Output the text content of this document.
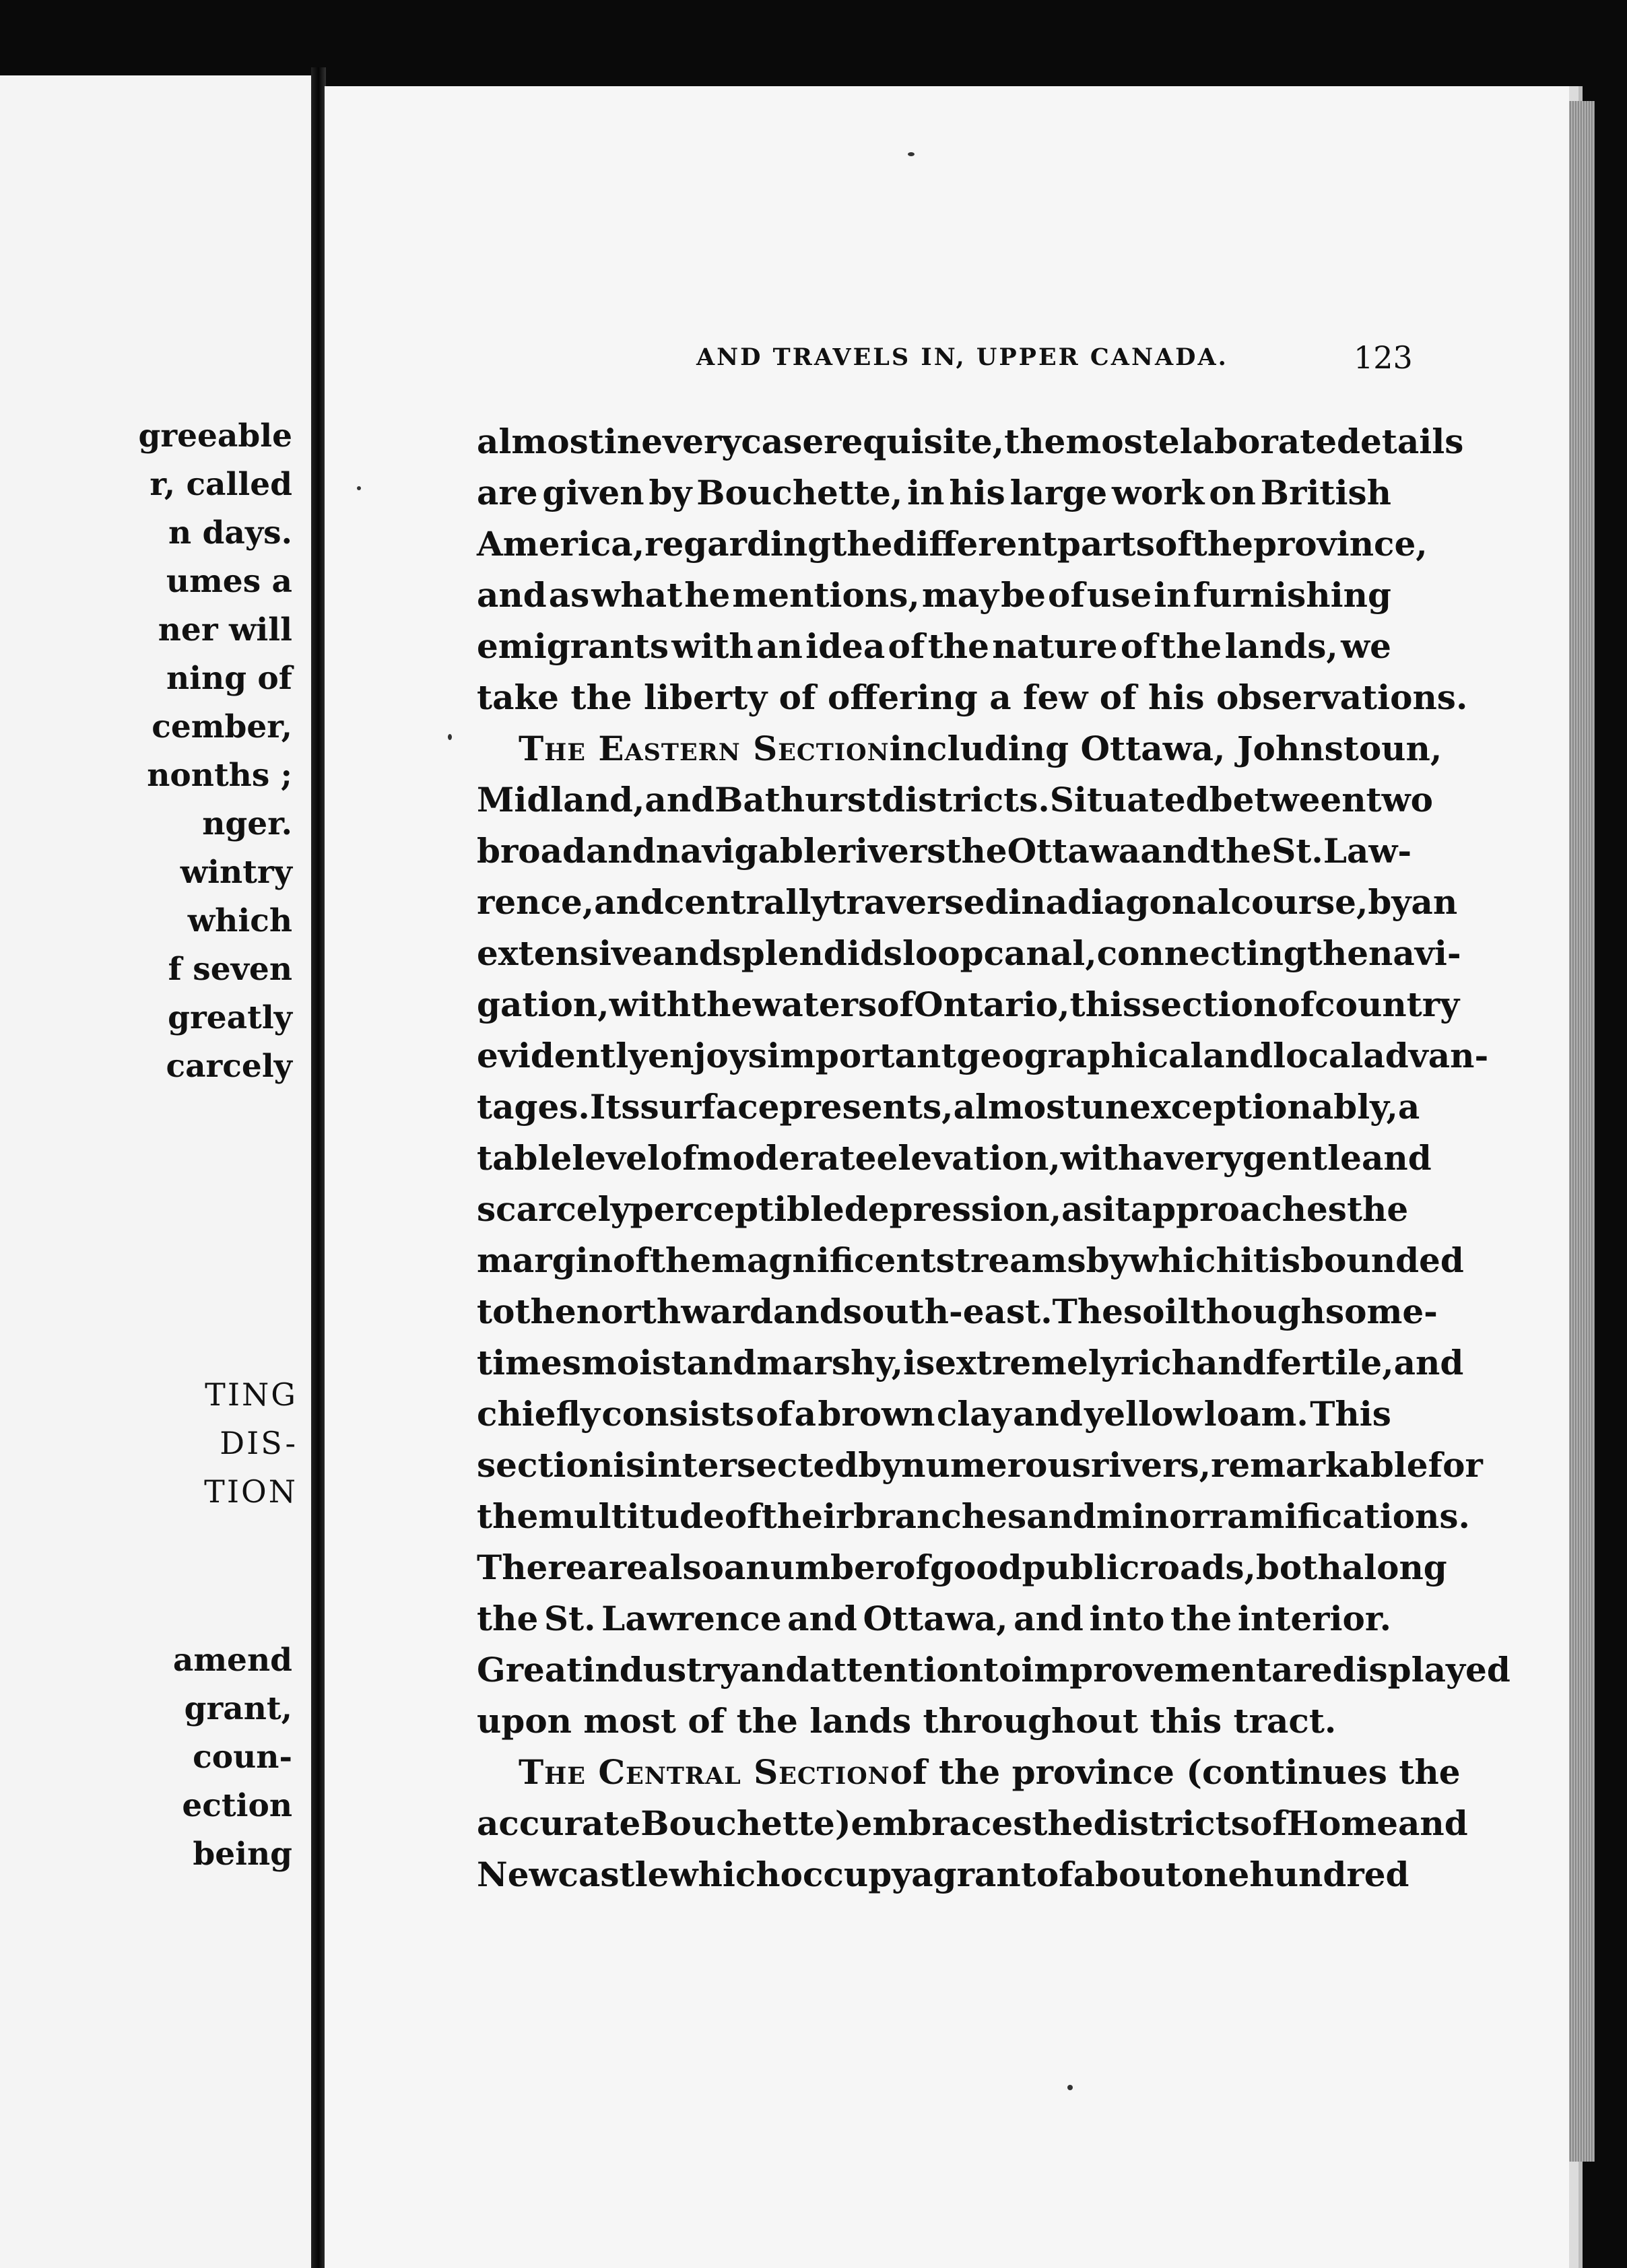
greeable
r, called
n days.
umes a
ner will
ning of
cember,
nonths ;
nger.
wintry
which
f seven
greatly
carcely
TING
DIS-
TION
amend
grant,
coun-
ection
being
AND TRAVELS IN, UPPER CANADA.	123
almost in every case requisite, the most elaborate details
are given by Bouchette, in his large work on British
America, regarding the different parts of the province,
and as what he mentions, may be of use in furnishing
emigrants with an idea of the nature of the lands, we
take the liberty of offering a few of his observations.
The Eastern Section including Ottawa, Johnstoun,
Midland, and Bathurst districts. Situated between two
broad and navigable rivers the Ottawa and the St. Law-
rence, and centrally traversed in a diagonal course, by an
extensive and splendid sloop canal, connecting the navi-
gation, with the waters of Ontario, this section of country
evidently enjoys important geographical and local advan-
tages. Its surface presents, almost unexceptionably, a
table level of moderate elevation, with a very gentle and
scarcely perceptible depression, as it approaches the
margin of the magnificent streams by which it is bounded
to the northward and south-east. The soil though some-
times moist and marshy, is extremely rich and fertile, and
chiefly consists of a brown clay and yellow loam. This
section is intersected by numerous rivers, remarkable for
the multitude of their branches and minor ramifications.
There are also a number of good public roads, both along
the St. Lawrence and Ottawa, and into the interior.
Great industry and attention to improvement are displayed
upon most of the lands throughout this tract.
The Central Section of the province (continues the
accurate Bouchette) embraces the districts of Home and
Newcastle which occupy a grant of about one hundred
